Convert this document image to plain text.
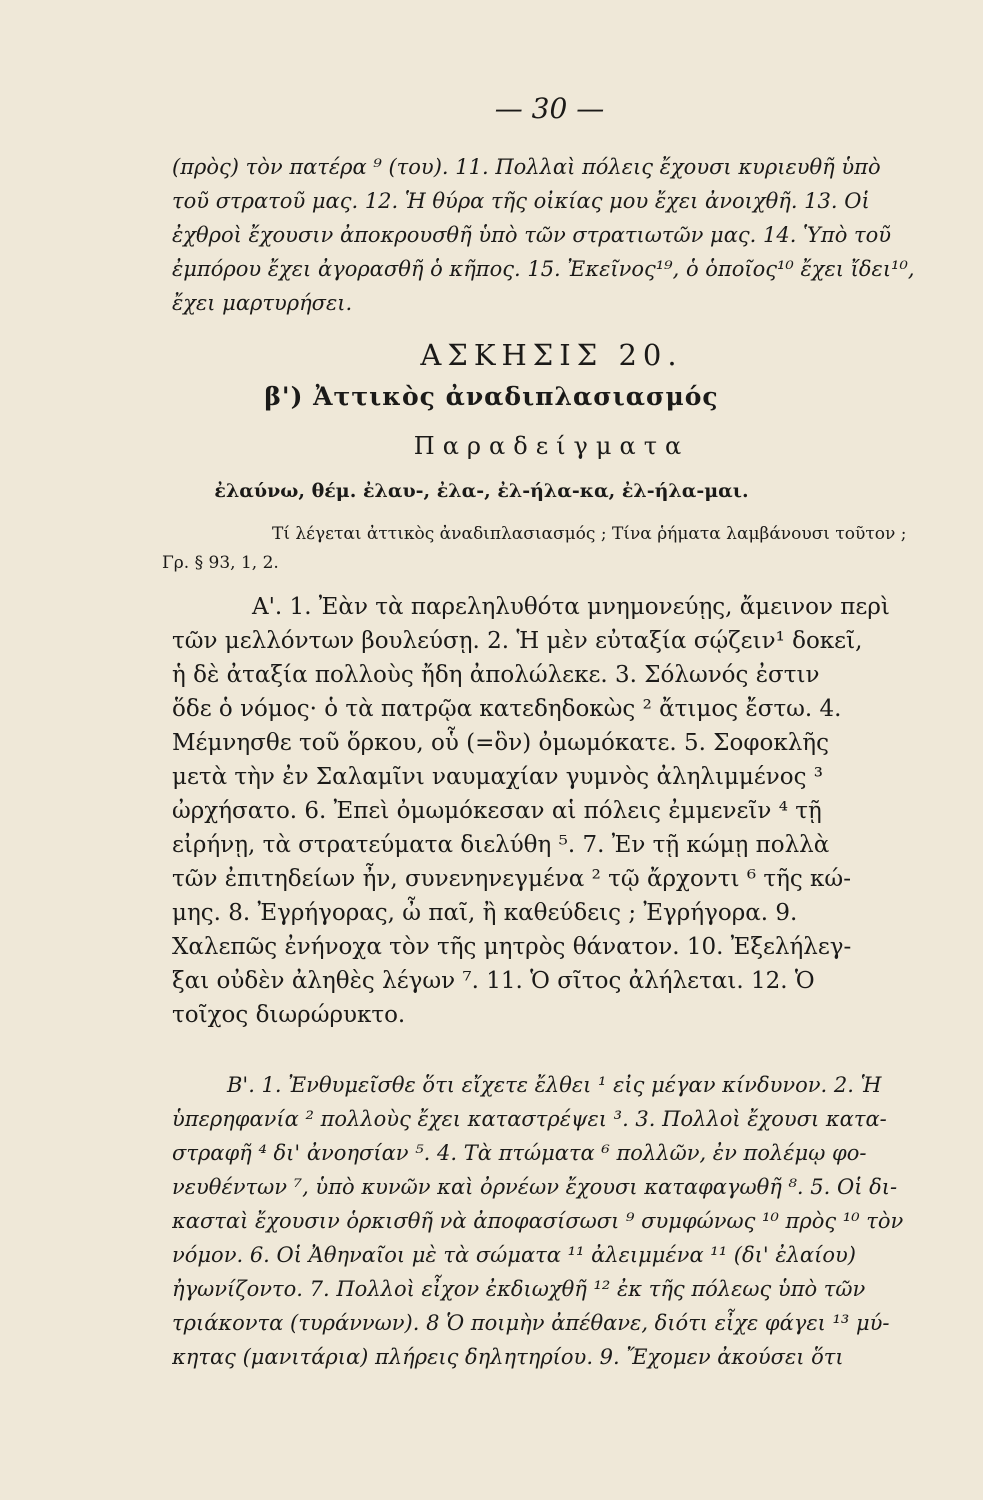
— 30 —
(πρὸς) τὸν πατέρα ⁹ (του). 11. Πολλαὶ πόλεις ἔχουσι κυριευθῆ ὑπὸ
τοῦ στρατοῦ μας. 12. Ἡ θύρα τῆς οἰκίας μου ἔχει ἀνοιχθῆ. 13. Οἱ
ἐχθροὶ ἔχουσιν ἀποκρουσθῆ ὑπὸ τῶν στρατιωτῶν μας. 14. Ὑπὸ τοῦ
ἐμπόρου ἔχει ἀγορασθῆ ὁ κῆπος. 15. Ἐκεῖνος¹⁹, ὁ ὁποῖος¹⁰ ἔχει ἴδει¹⁰,
ἔχει μαρτυρήσει.
ΑΣΚΗΣΙΣ 20.
β') Ἀττικὸς ἀναδιπλασιασμός
Παραδείγματα
ἐλαύνω, θέμ. ἐλαυ-, ἐλα-, ἐλ-ήλα-κα, ἐλ-ήλα-μαι.
Τί λέγεται ἀττικὸς ἀναδιπλασιασμός ; Τίνα ῥήματα λαμβάνουσι τοῦτον ;
Γρ. § 93, 1, 2.
Α'. 1. Ἐὰν τὰ παρεληλυθότα μνημονεύῃς, ἄμεινον περὶ
τῶν μελλόντων βουλεύσῃ. 2. Ἡ μὲν εὐταξία σῴζειν¹ δοκεῖ,
ἡ δὲ ἀταξία πολλοὺς ἤδη ἀπολώλεκε. 3. Σόλωνός ἐστιν
ὅδε ὁ νόμος· ὁ τὰ πατρῷα κατεδηδοκὼς ² ἄτιμος ἔστω. 4.
Μέμνησθε τοῦ ὅρκου, οὗ (=ὃν) ὀμωμόκατε. 5. Σοφοκλῆς
μετὰ τὴν ἐν Σαλαμῖνι ναυμαχίαν γυμνὸς ἀληλιμμένος ³
ὠρχήσατο. 6. Ἐπεὶ ὀμωμόκεσαν αἱ πόλεις ἐμμενεῖν ⁴ τῇ
εἰρήνῃ, τὰ στρατεύματα διελύθη ⁵. 7. Ἐν τῇ κώμῃ πολλὰ
τῶν ἐπιτηδείων ἦν, συνενηνεγμένα ² τῷ ἄρχοντι ⁶ τῆς κώ-
μης. 8. Ἐγρήγορας, ὦ παῖ, ἢ καθεύδεις ; Ἐγρήγορα. 9.
Χαλεπῶς ἐνήνοχα τὸν τῆς μητρὸς θάνατον. 10. Ἐξελήλεγ-
ξαι οὐδὲν ἀληθὲς λέγων ⁷. 11. Ὁ σῖτος ἀλήλεται. 12. Ὁ
τοῖχος διωρώρυκτο.
Β'. 1. Ἐνθυμεῖσθε ὅτι εἴχετε ἔλθει ¹ εἰς μέγαν κίνδυνον. 2. Ἡ
ὑπερηφανία ² πολλοὺς ἔχει καταστρέψει ³. 3. Πολλοὶ ἔχουσι κατα-
στραφῆ ⁴ δι' ἀνοησίαν ⁵. 4. Τὰ πτώματα ⁶ πολλῶν, ἐν πολέμῳ φο-
νευθέντων ⁷, ὑπὸ κυνῶν καὶ ὀρνέων ἔχουσι καταφαγωθῆ ⁸. 5. Οἱ δι-
κασταὶ ἔχουσιν ὁρκισθῆ νὰ ἀποφασίσωσι ⁹ συμφώνως ¹⁰ πρὸς ¹⁰ τὸν
νόμον. 6. Οἱ Ἀθηναῖοι μὲ τὰ σώματα ¹¹ ἀλειμμένα ¹¹ (δι' ἐλαίου)
ἠγωνίζοντο. 7. Πολλοὶ εἶχον ἐκδιωχθῆ ¹² ἐκ τῆς πόλεως ὑπὸ τῶν
τριάκοντα (τυράννων). 8 Ὁ ποιμὴν ἀπέθανε, διότι εἶχε φάγει ¹³ μύ-
κητας (μανιτάρια) πλήρεις δηλητηρίου. 9. Ἔχομεν ἀκούσει ὅτι
